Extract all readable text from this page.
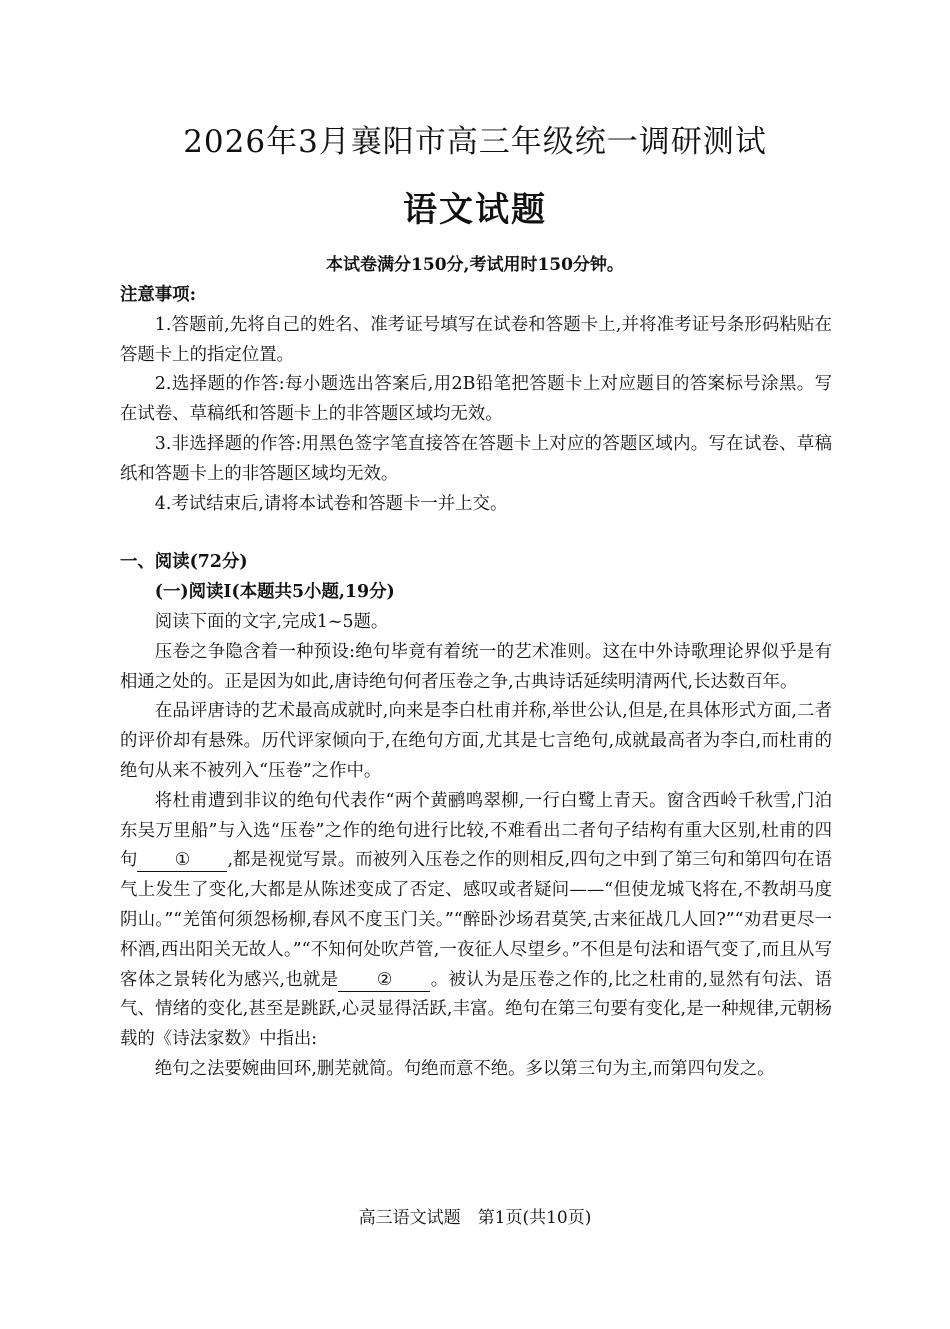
2026年3月襄阳市高三年级统一调研测试
语文试题
本试卷满分150分,考试用时150分钟。

注意事项:

1.答题前,先将自己的姓名、准考证号填写在试卷和答题卡上,并将准考证号条形码粘贴在答题卡上的指定位置。

2.选择题的作答:每小题选出答案后,用2B铅笔把答题卡上对应题目的答案标号涂黑。写在试卷、草稿纸和答题卡上的非答题区域均无效。

3.非选择题的作答:用黑色签字笔直接答在答题卡上对应的答题区域内。写在试卷、草稿纸和答题卡上的非答题区域均无效。

4.考试结束后,请将本试卷和答题卡一并上交。

一、阅读(72分)

(一)阅读Ⅰ(本题共5小题,19分)

阅读下面的文字,完成1~5题。

压卷之争隐含着一种预设:绝句毕竟有着统一的艺术准则。这在中外诗歌理论界似乎是有相通之处的。正是因为如此,唐诗绝句何者压卷之争,古典诗话延续明清两代,长达数百年。

在品评唐诗的艺术最高成就时,向来是李白杜甫并称,举世公认,但是,在具体形式方面,二者的评价却有悬殊。历代评家倾向于,在绝句方面,尤其是七言绝句,成就最高者为李白,而杜甫的绝句从来不被列入“压卷”之作中。

将杜甫遭到非议的绝句代表作“两个黄鹂鸣翠柳,一行白鹭上青天。窗含西岭千秋雪,门泊东吴万里船”与入选“压卷”之作的绝句进行比较,不难看出二者句子结构有重大区别,杜甫的四句 ① ,都是视觉写景。而被列入压卷之作的则相反,四句之中到了第三句和第四句在语气上发生了变化,大都是从陈述变成了否定、感叹或者疑问——“但使龙城飞将在,不教胡马度阴山。”“羌笛何须怨杨柳,春风不度玉门关。”“醉卧沙场君莫笑,古来征战几人回?”“劝君更尽一杯酒,西出阳关无故人。”“不知何处吹芦管,一夜征人尽望乡。”不但是句法和语气变了,而且从写客体之景转化为感兴,也就是 ② 。被认为是压卷之作的,比之杜甫的,显然有句法、语气、情绪的变化,甚至是跳跃,心灵显得活跃,丰富。绝句在第三句要有变化,是一种规律,元朝杨载的《诗法家数》中指出:

绝句之法要婉曲回环,删芜就简。句绝而意不绝。多以第三句为主,而第四句发之。

高三语文试题　第1页(共10页)
